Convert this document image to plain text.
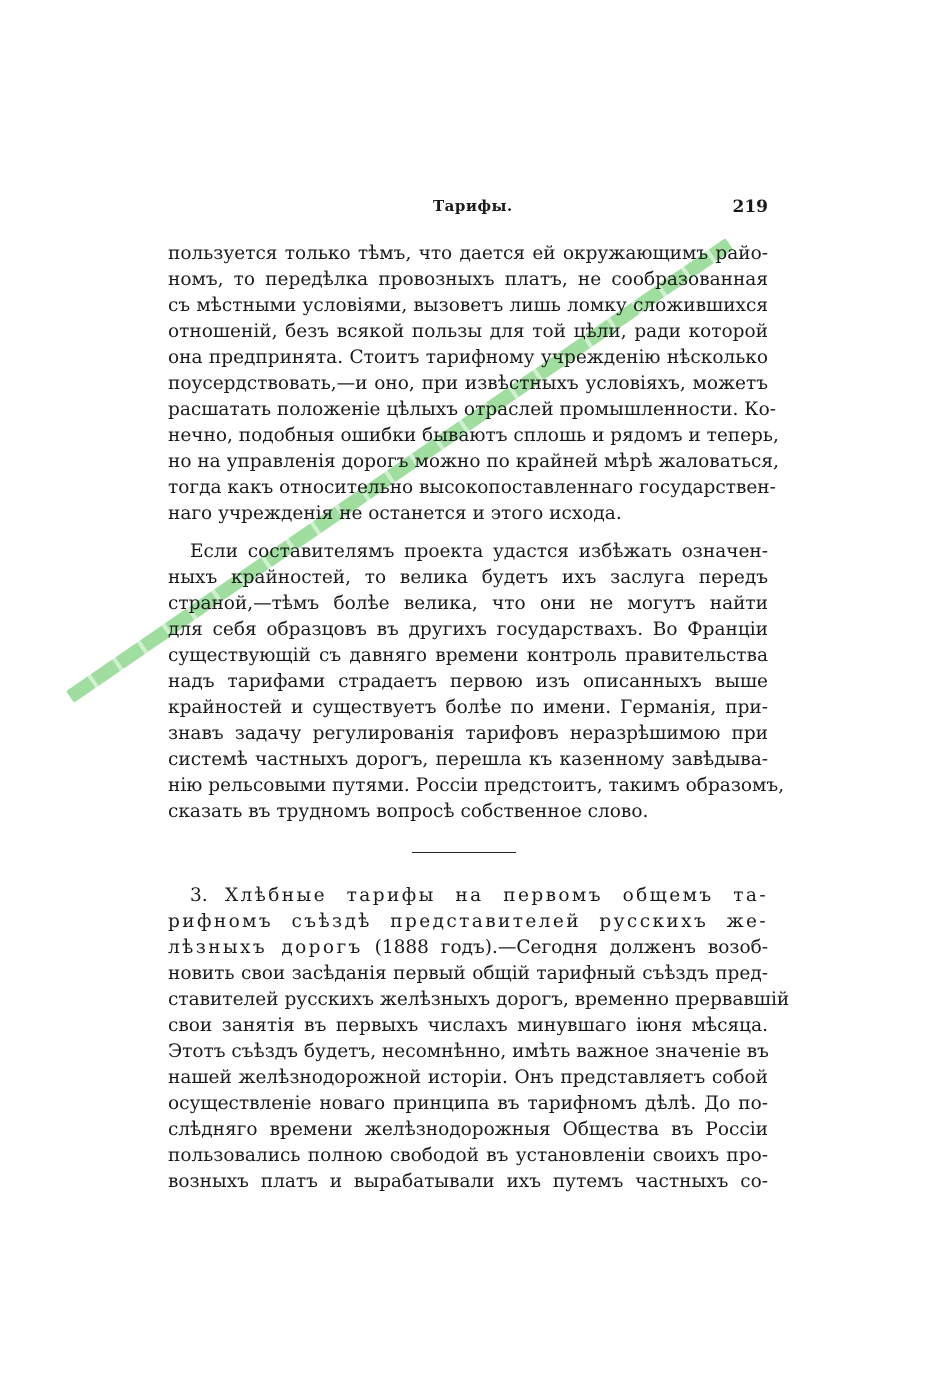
Тарифы.	219
пользуется только тѣмъ, что дается ей окружающимъ райо-
номъ, то передѣлка провозныхъ платъ, не сообразованная
съ мѣстными условіями, вызоветъ лишь ломку сложившихся
отношеній, безъ всякой пользы для той цѣли, ради которой
она предпринята. Стоитъ тарифному учрежденію нѣсколько
поусердствовать,—и оно, при извѣстныхъ условіяхъ, можетъ
расшатать положеніе цѣлыхъ отраслей промышленности. Ко-
нечно, подобныя ошибки бываютъ сплошь и рядомъ и теперь,
но на управленія дорогъ можно по крайней мѣрѣ жаловаться,
тогда какъ относительно высокопоставленнаго государствен-
наго учрежденія не останется и этого исхода.
Если составителямъ проекта удастся избѣжать означен-
ныхъ крайностей, то велика будетъ ихъ заслуга передъ
страной,—тѣмъ болѣе велика, что они не могутъ найти
для себя образцовъ въ другихъ государствахъ. Во Франціи
существующій съ давняго времени контроль правительства
надъ тарифами страдаетъ первою изъ описанныхъ выше
крайностей и существуетъ болѣе по имени. Германія, при-
знавъ задачу регулированія тарифовъ неразрѣшимою при
системѣ частныхъ дорогъ, перешла къ казенному завѣдыва-
нію рельсовыми путями. Россіи предстоитъ, такимъ образомъ,
сказать въ трудномъ вопросѣ собственное слово.
3. Хлѣбные тарифы на первомъ общемъ та-
рифномъ съѣздѣ представителей русскихъ же-
лѣзныхъ дорогъ (1888 годъ).—Сегодня долженъ возоб-
новить свои засѣданія первый общій тарифный съѣздъ пред-
ставителей русскихъ желѣзныхъ дорогъ, временно прервавшій
свои занятія въ первыхъ числахъ минувшаго іюня мѣсяца.
Этотъ съѣздъ будетъ, несомнѣнно, имѣть важное значеніе въ
нашей желѣзнодорожной исторіи. Онъ представляетъ собой
осуществленіе новаго принципа въ тарифномъ дѣлѣ. До по-
слѣдняго времени желѣзнодорожныя Общества въ Россіи
пользовались полною свободой въ установленіи своихъ про-
возныхъ платъ и вырабатывали ихъ путемъ частныхъ со-
